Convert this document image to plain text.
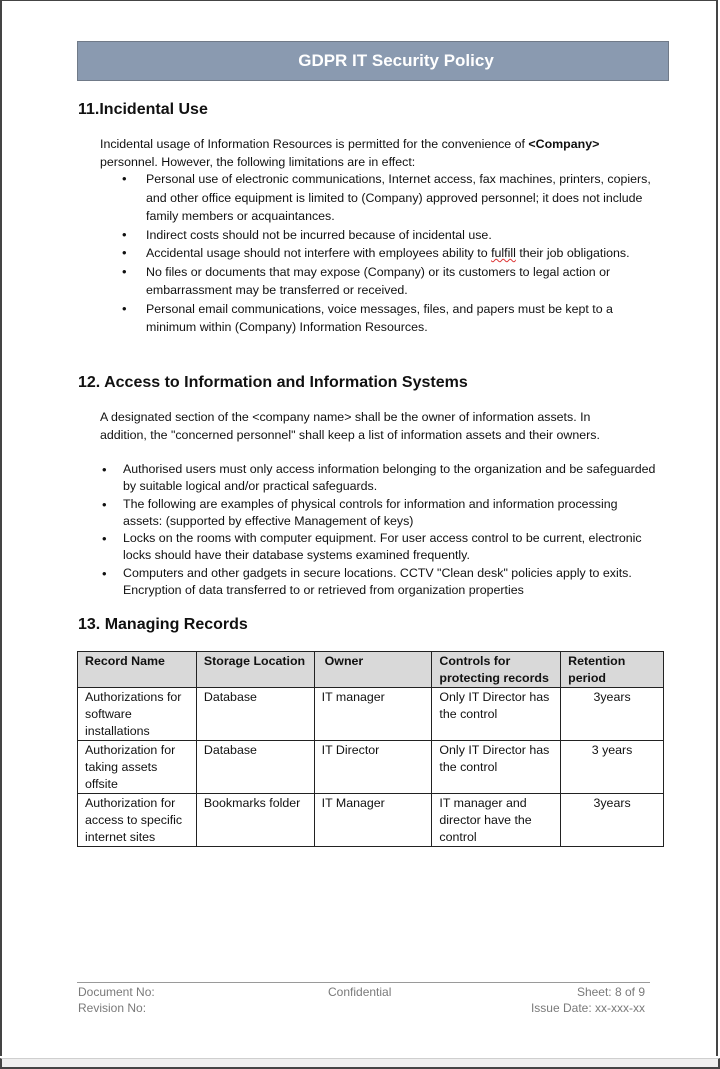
GDPR IT Security Policy
11.Incidental Use

Incidental usage of Information Resources is permitted for the convenience of <Company> personnel. However, the following limitations are in effect:

• Personal use of electronic communications, Internet access, fax machines, printers, copiers, and other office equipment is limited to (Company) approved personnel; it does not include family members or acquaintances.
• Indirect costs should not be incurred because of incidental use.
• Accidental usage should not interfere with employees ability to fulfill their job obligations.
• No files or documents that may expose (Company) or its customers to legal action or embarrassment may be transferred or received.
• Personal email communications, voice messages, files, and papers must be kept to a minimum within (Company) Information Resources.
12. Access to Information and Information Systems

A designated section of the <company name> shall be the owner of information assets. In addition, the "concerned personnel" shall keep a list of information assets and their owners.

• Authorised users must only access information belonging to the organization and be safeguarded by suitable logical and/or practical safeguards.
• The following are examples of physical controls for information and information processing assets: (supported by effective Management of keys)
• Locks on the rooms with computer equipment. For user access control to be current, electronic locks should have their database systems examined frequently.
• Computers and other gadgets in secure locations. CCTV "Clean desk" policies apply to exits. Encryption of data transferred to or retrieved from organization properties
13. Managing Records
Record Name	Storage Location	Owner	Controls for protecting records	Retention period
Authorizations for software installations	Database	IT manager	Only IT Director has the control	3years
Authorization for taking assets offsite	Database	IT Director	Only IT Director has the control	3 years
Authorization for access to specific internet sites	Bookmarks folder	IT Manager	IT manager and director have the control	3years
Document No:
Revision No:
Confidential	Sheet: 8 of 9
Issue Date: xx-xxx-xx
